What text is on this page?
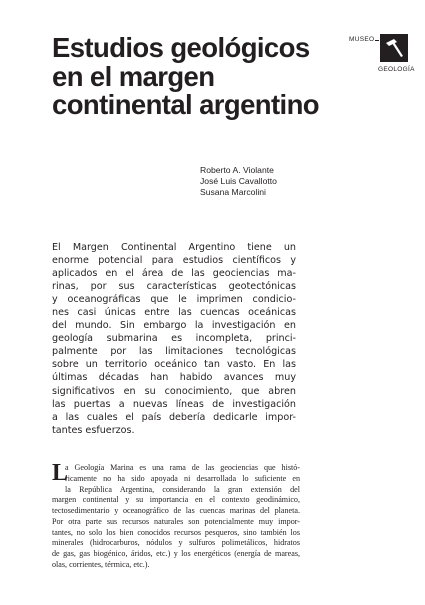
Estudios geológicos
en el margen
continental argentino
MUSEO
GEOLOGÍA
Roberto A. Violante
José Luis Cavallotto
Susana Marcolini
El Margen Continental Argentino tiene un
enorme potencial para estudios científicos y
aplicados en el área de las geociencias ma-
rinas, por sus características geotectónicas
y oceanográficas que le imprimen condicio-
nes casi únicas entre las cuencas oceánicas
del mundo. Sin embargo la investigación en
geología submarina es incompleta, princi-
palmente por las limitaciones tecnológicas
sobre un territorio oceánico tan vasto. En las
últimas décadas han habido avances muy
significativos en su conocimiento, que abren
las puertas a nuevas líneas de investigación
a las cuales el país debería dedicarle impor-
tantes esfuerzos.
L
a Geología Marina es una rama de las geociencias que histó-
ricamente no ha sido apoyada ni desarrollada lo suficiente en
la República Argentina, considerando la gran extensión del
margen continental y su importancia en el contexto geodinámico,
tectosedimentario y oceanográfico de las cuencas marinas del planeta.
Por otra parte sus recursos naturales son potencialmente muy impor-
tantes, no solo los bien conocidos recursos pesqueros, sino también los
minerales (hidrocarburos, nódulos y sulfuros polimetálicos, hidratos
de gas, gas biogénico, áridos, etc.) y los energéticos (energía de mareas,
olas, corrientes, térmica, etc.).
